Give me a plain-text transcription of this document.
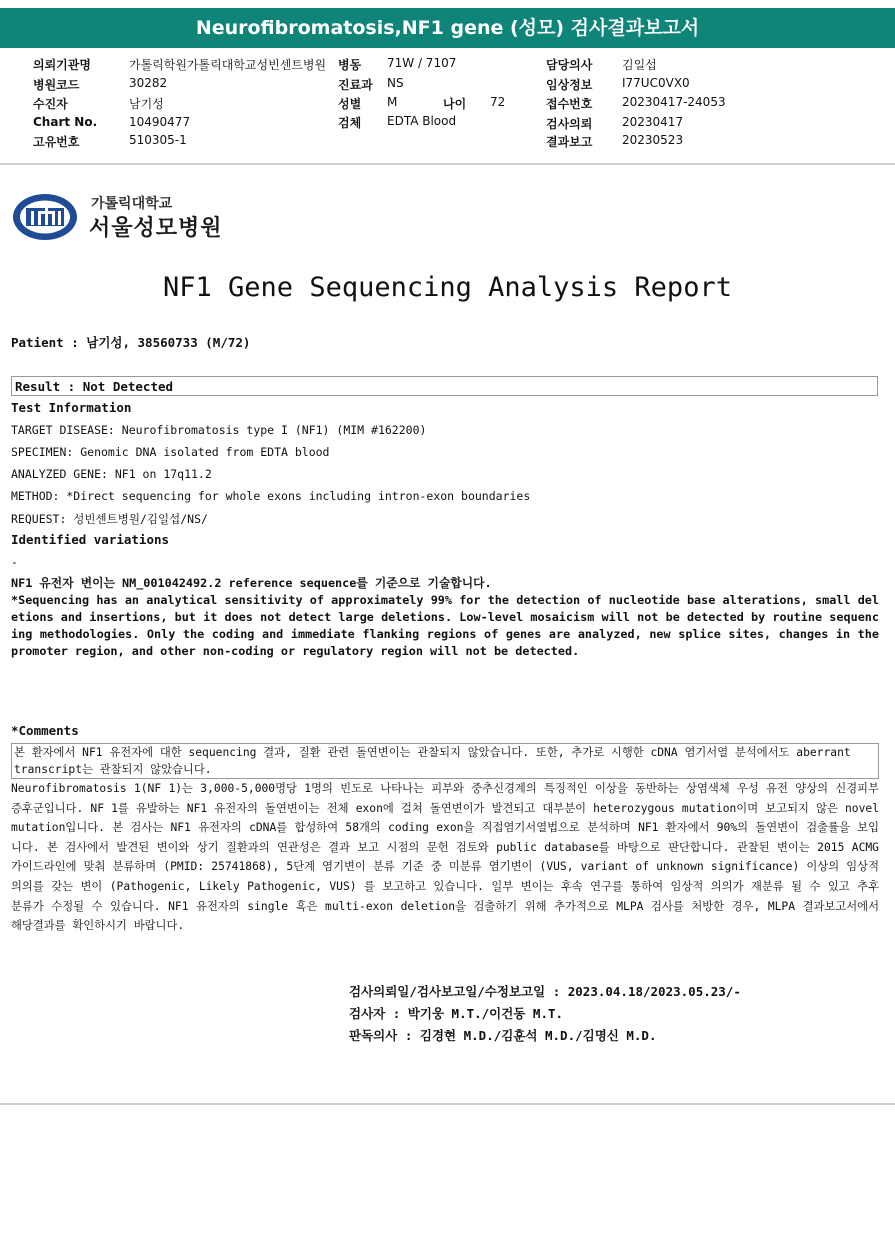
Neurofibromatosis,NF1 gene (성모) 검사결과보고서
의뢰기관명	가톨릭학원가톨릭대학교성빈센트병원 병동 71W / 7107	담당의사 김일섭
병원코드	30282	진료과 NS	임상정보 I77UC0VX0
수진자	남기성	성별 M	나이 72	접수번호 20230417-24053
Chart No.	10490477	검체 EDTA Blood	검사의뢰 20230417
고유번호	510305-1	결과보고 20230523
가톨릭대학교
서울성모병원
NF1 Gene Sequencing Analysis Report
Patient : 남기성, 38560733 (M/72)
Result : Not Detected
Test Information
TARGET DISEASE: Neurofibromatosis type I (NF1) (MIM #162200)
SPECIMEN: Genomic DNA isolated from EDTA blood
ANALYZED GENE: NF1 on 17q11.2
METHOD: *Direct sequencing for whole exons including intron-exon boundaries
REQUEST: 성빈센트병원/김일섭/NS/
Identified variations
-
NF1 유전자 변이는 NM_001042492.2 reference sequence를 기준으로 기술합니다.
*Sequencing has an analytical sensitivity of approximately 99% for the detection of nucleotide base alterations, small deletions and insertions, but it does not detect large deletions. Low-level mosaicism will not be detected by routine sequencing methodologies. Only the coding and immediate flanking regions of genes are analyzed, new splice sites, changes in the promoter region, and other non-coding or regulatory region will not be detected.
*Comments
본 환자에서 NF1 유전자에 대한 sequencing 결과, 질환 관련 돌연변이는 관찰되지 않았습니다. 또한, 추가로 시행한 cDNA 염기서열 분석에서도 aberrant transcript는 관찰되지 않았습니다.
Neurofibromatosis 1(NF 1)는 3,000-5,000명당 1명의 빈도로 나타나는 피부와 중추신경계의 특징적인 이상을 동반하는 상염색체 우성 유전 양상의 신경피부증후군입니다. NF 1를 유발하는 NF1 유전자의 돌연변이는 전체 exon에 걸쳐 돌연변이가 발견되고 대부분이 heterozygous mutation이며 보고되지 않은 novel mutation입니다. 본 검사는 NF1 유전자의 cDNA를 합성하여 58개의 coding exon을 직접염기서열법으로 분석하며 NF1 환자에서 90%의 돌연변이 검출률을 보입니다. 본 검사에서 발견된 변이와 상기 질환과의 연관성은 결과 보고 시점의 문헌 검토와 public database를 바탕으로 판단합니다. 관찰된 변이는 2015 ACMG 가이드라인에 맞춰 분류하며 (PMID: 25741868), 5단계 염기변이 분류 기준 중 미분류 염기변이 (VUS, variant of unknown significance) 이상의 임상적 의의를 갖는 변이 (Pathogenic, Likely Pathogenic, VUS) 를 보고하고 있습니다. 일부 변이는 후속 연구를 통하여 임상적 의의가 재분류 될 수 있고 추후 분류가 수정될 수 있습니다. NF1 유전자의 single 혹은 multi-exon deletion을 검출하기 위해 추가적으로 MLPA 검사를 처방한 경우, MLPA 결과보고서에서 해당결과를 확인하시기 바랍니다.
검사의뢰일/검사보고일/수정보고일 : 2023.04.18/2023.05.23/-
검사자 : 박기웅 M.T./이건동 M.T.
판독의사 : 김경현 M.D./김훈석 M.D./김명신 M.D.
